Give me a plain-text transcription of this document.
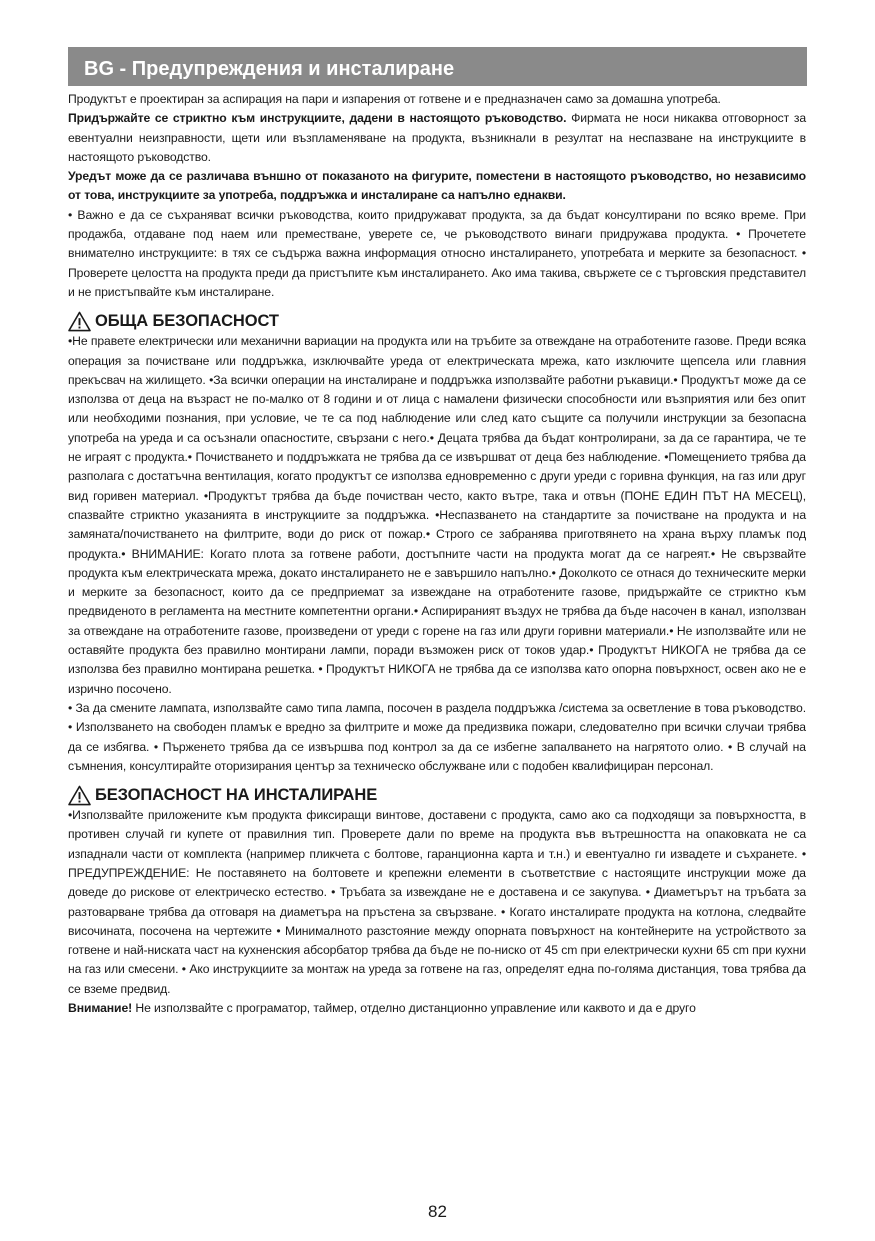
BG - Предупреждения и инсталиране

Продуктът е проектиран за аспирация на пари и изпарения от готвене и е предназначен само за домашна употреба.

Придържайте се стриктно към инструкциите, дадени в настоящото ръководство. Фирмата не носи никаква отговорност за евентуални неизправности, щети или възпламеняване на продукта, възникнали в резултат на неспазване на инструкциите в настоящото ръководство.

Уредът може да се различава външно от показаното на фигурите, поместени в настоящото ръководство, но независимо от това, инструкциите за употреба, поддръжка и инсталиране са напълно еднакви.

• Важно е да се съхраняват всички ръководства, които придружават продукта, за да бъдат консултирани по всяко време. При продажба, отдаване под наем или преместване, уверете се, че ръководството винаги придружава продукта. • Прочетете внимателно инструкциите: в тях се съдържа важна информация относно инсталирането, употребата и мерките за безопасност. • Проверете целостта на продукта преди да пристъпите към инсталирането. Ако има такива, свържете се с търговския представител и не пристъпвайте към инсталиране.

ОБЩА БЕЗОПАСНОСТ

•Не правете електрически или механични вариации на продукта или на тръбите за отвеждане на отработените газове. Преди всяка операция за почистване или поддръжка, изключвайте уреда от електрическата мрежа, като изключите щепсела или главния прекъсвач на жилището. •За всички операции на инсталиране и поддръжка използвайте работни ръкавици.• Продуктът може да се използва от деца на възраст не по-малко от 8 години и от лица с намалени физически способности или възприятия или без опит или необходими познания, при условие, че те са под наблюдение или след като същите са получили инструкции за безопасна употреба на уреда и са осъзнали опасностите, свързани с него.• Децата трябва да бъдат контролирани, за да се гарантира, че те не играят с продукта.• Почистването и поддръжката не трябва да се извършват от деца без наблюдение. •Помещението трябва да разполага с достатъчна вентилация, когато продуктът се използва едновременно с други уреди с горивна функция, на газ или друг вид горивен материал. •Продуктът трябва да бъде почистван често, както вътре, така и отвън (ПОНЕ ЕДИН ПЪТ НА МЕСЕЦ), спазвайте стриктно указанията в инструкциите за поддръжка. •Неспазването на стандартите за почистване на продукта и на замяната/почистването на филтрите, води до риск от пожар.• Строго се забранява приготвянето на храна върху пламък под продукта.• ВНИМАНИЕ: Когато плота за готвене работи, достъпните части на продукта могат да се нагреят.• Не свързвайте продукта към електрическата мрежа, докато инсталирането не е завършило напълно.• Доколкото се отнася до техническите мерки и мерките за безопасност, които да се предприемат за извеждане на отработените газове, придържайте се стриктно към предвиденото в регламента на местните компетентни органи.• Аспирираният въздух не трябва да бъде насочен в канал, използван за отвеждане на отработените газове, произведени от уреди с горене на газ или други горивни материали.• Не използвайте или не оставяйте продукта без правилно монтирани лампи, поради възможен риск от токов удар.• Продуктът НИКОГА не трябва да се използва без правилно монтирана решетка. • Продуктът НИКОГА не трябва да се използва като опорна повърхност, освен ако не е изрично посочено.

• За да смените лампата, използвайте само типа лампа, посочен в раздела поддръжка /система за осветление в това ръководство. • Използването на свободен пламък е вредно за филтрите и може да предизвика пожари, следователно при всички случаи трябва да се избягва. • Пърженето трябва да се извършва под контрол за да се избегне запалването на нагрятото олио. • В случай на съмнения, консултирайте оторизирания център за техническо обслужване или с подобен квалифициран персонал.

БЕЗОПАСНОСТ НА ИНСТАЛИРАНЕ

•Използвайте приложените към продукта фиксиращи винтове, доставени с продукта, само ако са подходящи за повърхността, в противен случай ги купете от правилния тип. Проверете дали по време на продукта във вътрешността на опаковката не са изпаднали части от комплекта (например пликчета с болтове, гаранционна карта и т.н.) и евентуално ги извадете и съхранете. • ПРЕДУПРЕЖДЕНИЕ: Не поставянето на болтовете и крепежни елементи в съответствие с настоящите инструкции може да доведе до рискове от електрическо естество. • Тръбата за извеждане не е доставена и се закупува. • Диаметърът на тръбата за разтоварване трябва да отговаря на диаметъра на пръстена за свързване. • Когато инсталирате продукта на котлона, следвайте височината, посочена на чертежите • Минималното разстояние между опорната повърхност на контейнерите на устройството за готвене и най-ниската част на кухненския абсорбатор трябва да бъде не по-ниско от 45 cm при електрически кухни 65 cm при кухни на газ или смесени. • Ако инструкциите за монтаж на уреда за готвене на газ, определят една по-голяма дистанция, това трябва да се вземе предвид.

Внимание! Не използвайте с програматор, таймер, отделно дистанционно управление или каквото и да е друго

82
